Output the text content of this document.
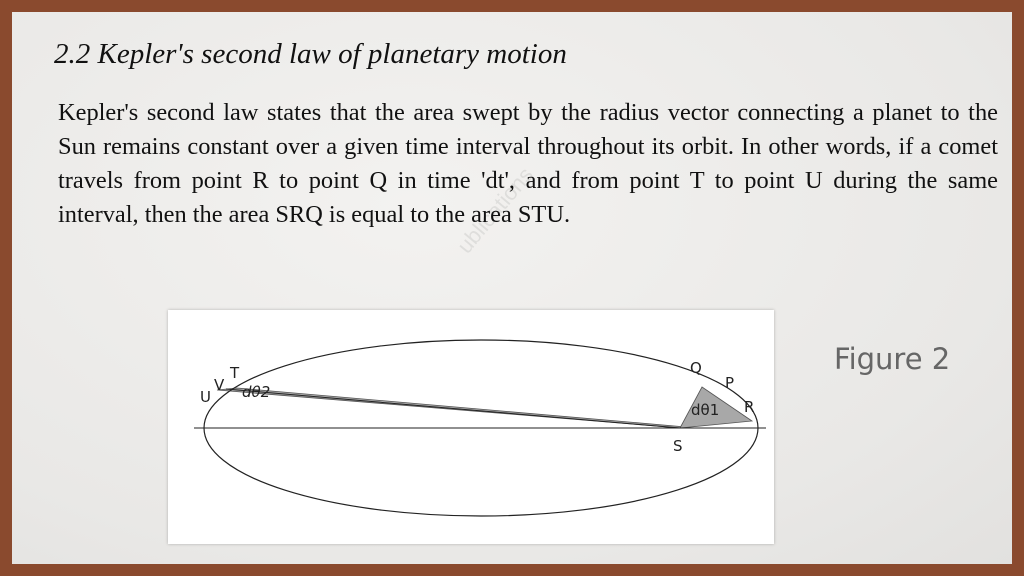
2.2 Kepler's second law of planetary motion
Kepler's second law states that the area swept by the radius vector connecting a planet to the Sun remains constant over a given time interval throughout its orbit. In other words, if a comet travels from point R to point Q in time 'dt', and from point T to point U during the same interval, then the area SRQ is equal to the area STU.
ublications
U
V
T
dθ2
Q
P
R
dθ1
S
Figure 2
